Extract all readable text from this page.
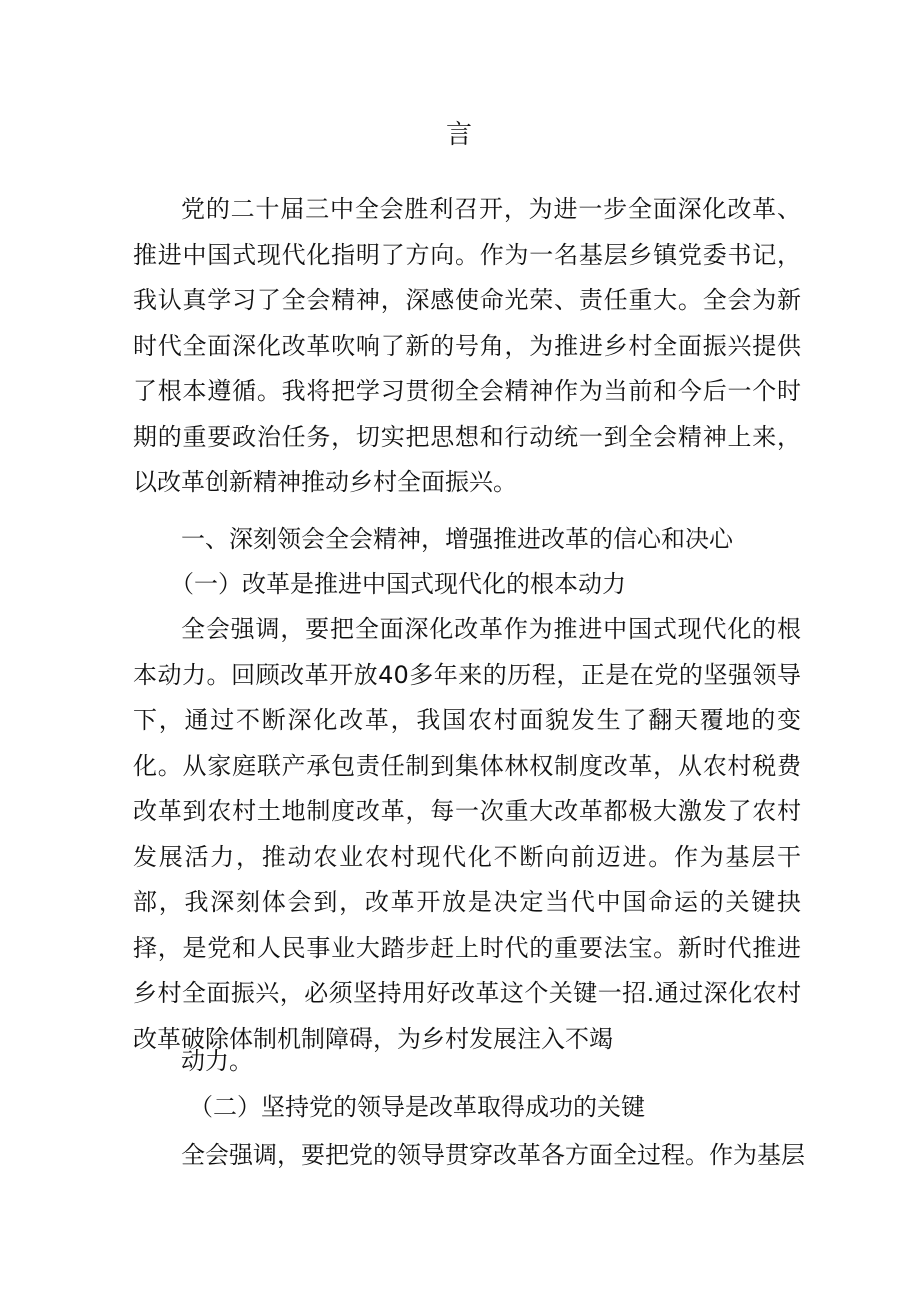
言

党的二十届三中全会胜利召开，为进一步全面深化改革、推进中国式现代化指明了方向。作为一名基层乡镇党委书记，我认真学习了全会精神，深感使命光荣、责任重大。全会为新时代全面深化改革吹响了新的号角，为推进乡村全面振兴提供了根本遵循。我将把学习贯彻全会精神作为当前和今后一个时期的重要政治任务，切实把思想和行动统一到全会精神上来，以改革创新精神推动乡村全面振兴。

一、深刻领会全会精神，增强推进改革的信心和决心
（一）改革是推进中国式现代化的根本动力

全会强调，要把全面深化改革作为推进中国式现代化的根本动力。回顾改革开放40多年来的历程，正是在党的坚强领导下，通过不断深化改革，我国农村面貌发生了翻天覆地的变化。从家庭联产承包责任制到集体林权制度改革，从农村税费改革到农村土地制度改革，每一次重大改革都极大激发了农村发展活力，推动农业农村现代化不断向前迈进。作为基层干部，我深刻体会到，改革开放是决定当代中国命运的关键抉择，是党和人民事业大踏步赶上时代的重要法宝。新时代推进乡村全面振兴，必须坚持用好改革这个关键一招.通过深化农村改革破除体制机制障碍，为乡村发展注入不竭

动力。
（二）坚持党的领导是改革取得成功的关键
全会强调，要把党的领导贯穿改革各方面全过程。作为基层
